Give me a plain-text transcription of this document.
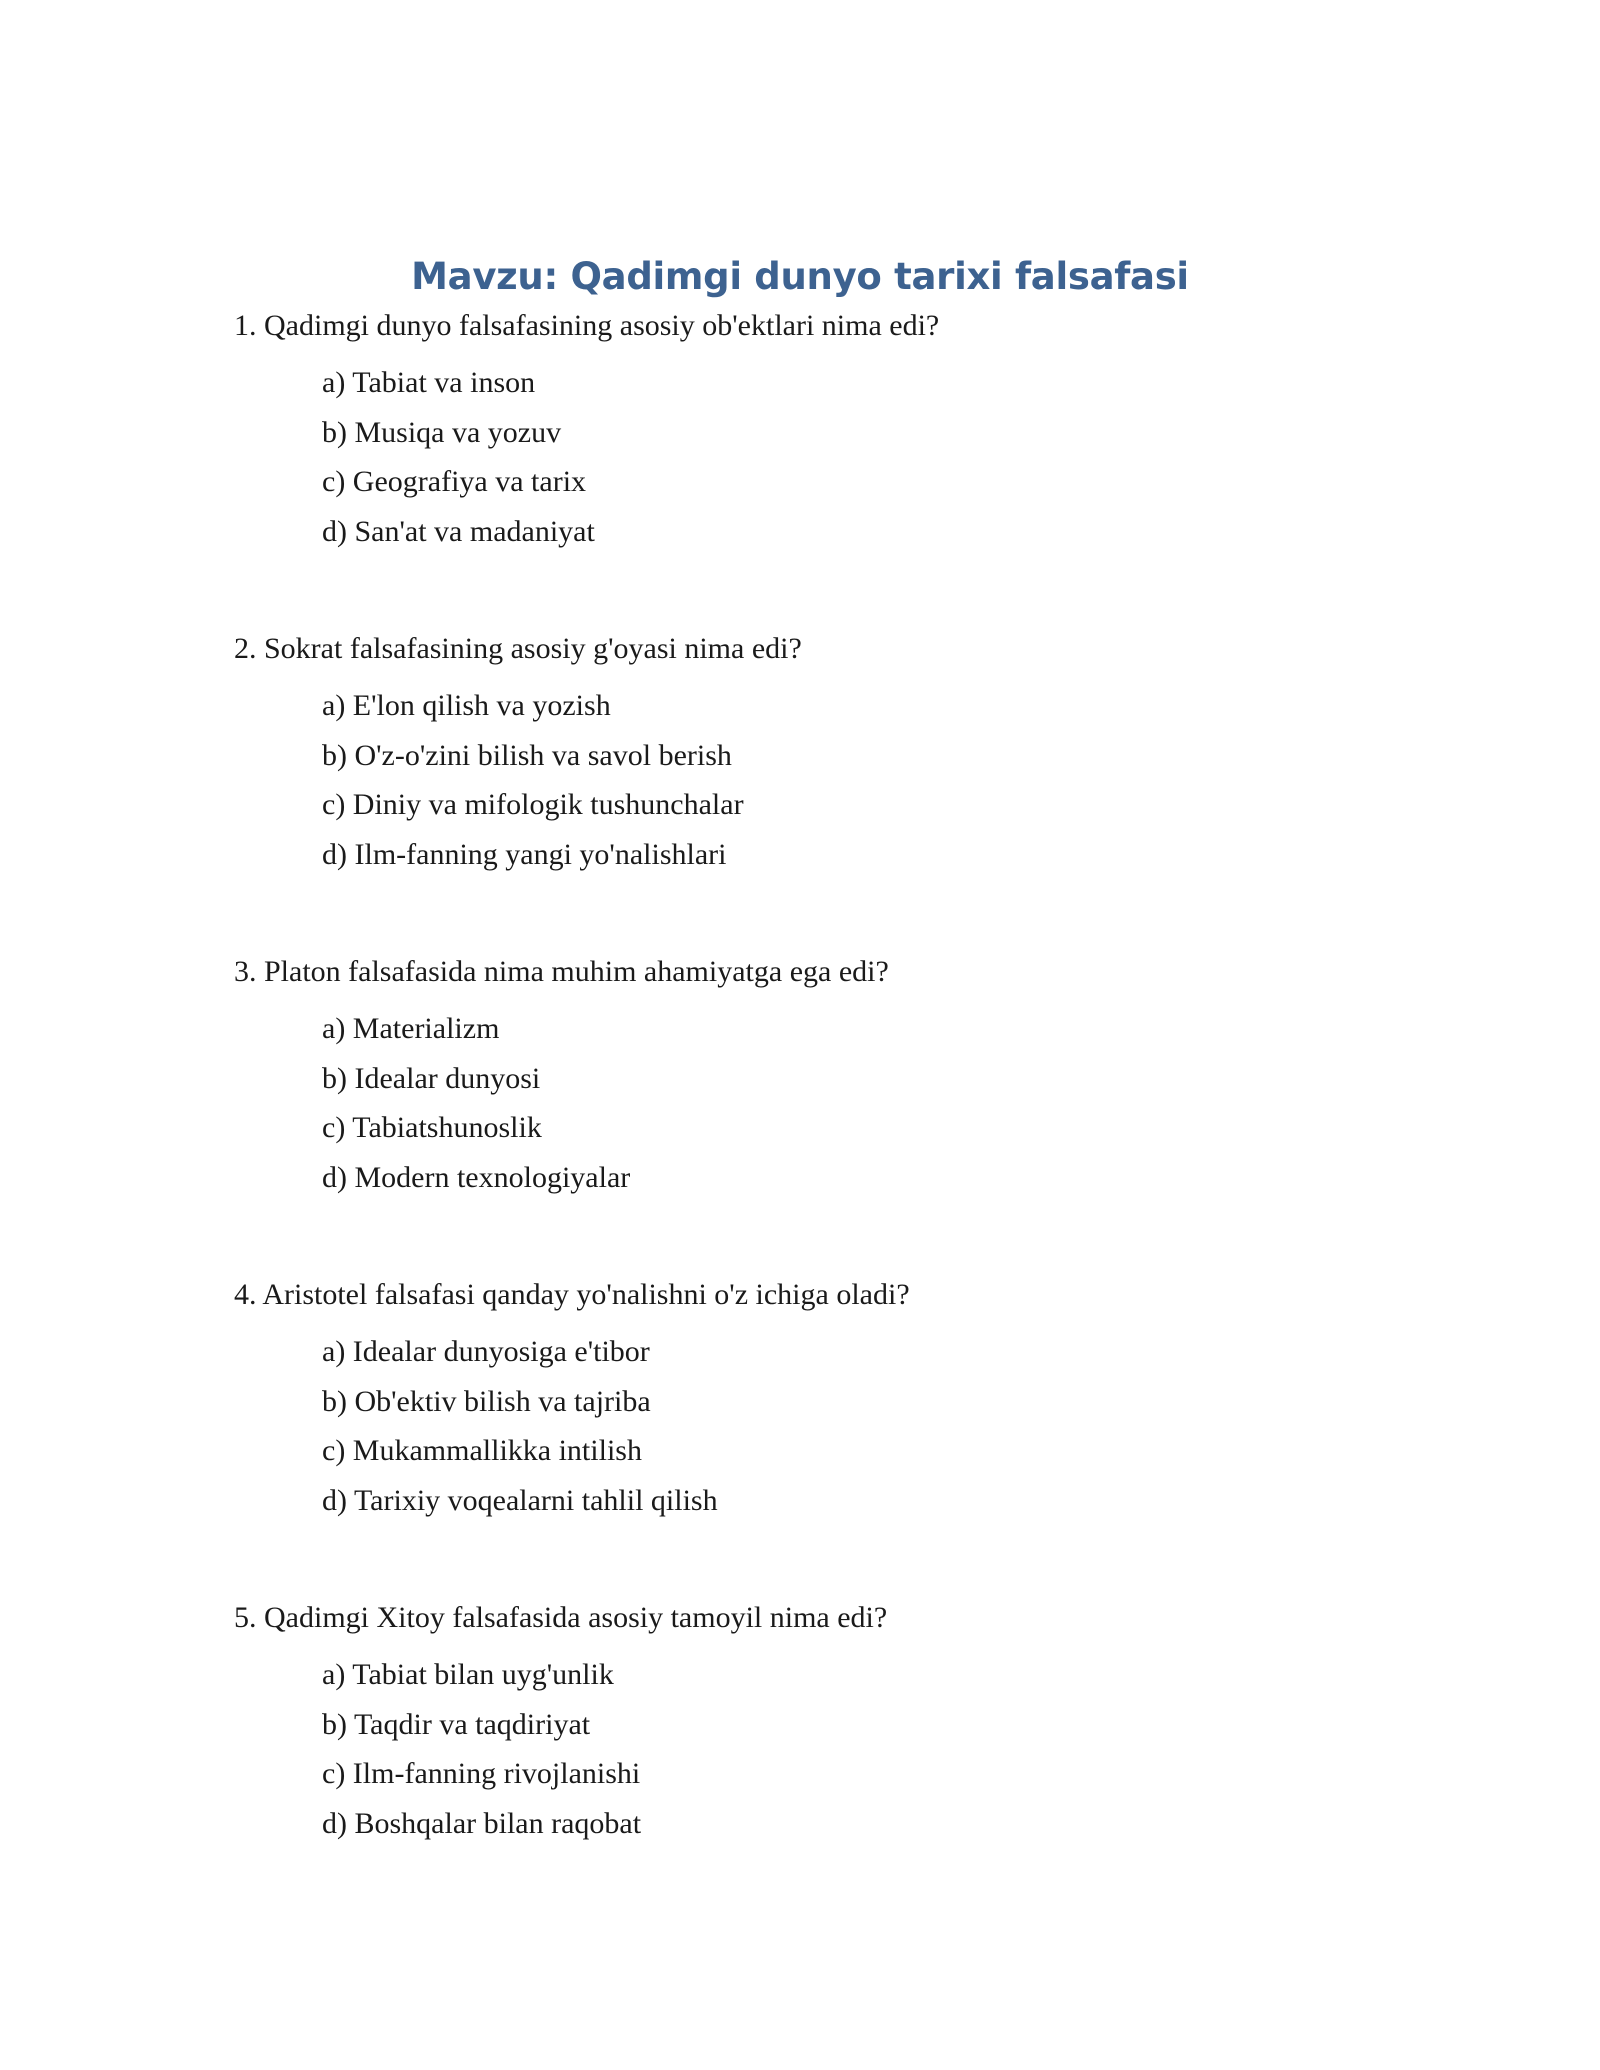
Mavzu: Qadimgi dunyo tarixi falsafasi

1. Qadimgi dunyo falsafasining asosiy ob'ektlari nima edi?

a) Tabiat va inson
b) Musiqa va yozuv
c) Geografiya va tarix
d) San'at va madaniyat

2. Sokrat falsafasining asosiy g'oyasi nima edi?

a) E'lon qilish va yozish
b) O'z-o'zini bilish va savol berish
c) Diniy va mifologik tushunchalar
d) Ilm-fanning yangi yo'nalishlari

3. Platon falsafasida nima muhim ahamiyatga ega edi?

a) Materializm
b) Idealar dunyosi
c) Tabiatshunoslik
d) Modern texnologiyalar

4. Aristotel falsafasi qanday yo'nalishni o'z ichiga oladi?

a) Idealar dunyosiga e'tibor
b) Ob'ektiv bilish va tajriba
c) Mukammallikka intilish
d) Tarixiy voqealarni tahlil qilish

5. Qadimgi Xitoy falsafasida asosiy tamoyil nima edi?

a) Tabiat bilan uyg'unlik
b) Taqdir va taqdiriyat
c) Ilm-fanning rivojlanishi
d) Boshqalar bilan raqobat
